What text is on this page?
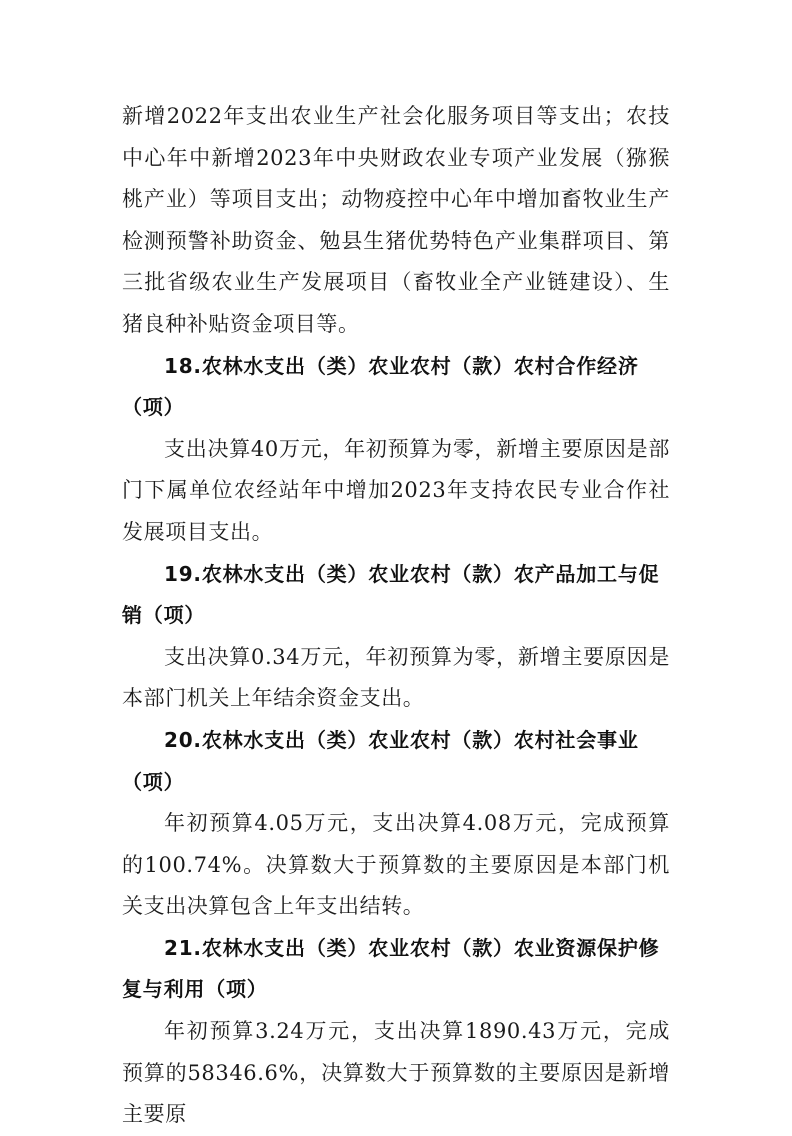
新增2022年支出农业生产社会化服务项目等支出；农技中心年中新增2023年中央财政农业专项产业发展（猕猴桃产业）等项目支出；动物疫控中心年中增加畜牧业生产检测预警补助资金、勉县生猪优势特色产业集群项目、第三批省级农业生产发展项目（畜牧业全产业链建设）、生猪良种补贴资金项目等。

18.农林水支出（类）农业农村（款）农村合作经济（项）

支出决算40万元，年初预算为零，新增主要原因是部门下属单位农经站年中增加2023年支持农民专业合作社发展项目支出。

19.农林水支出（类）农业农村（款）农产品加工与促销（项）

支出决算0.34万元，年初预算为零，新增主要原因是本部门机关上年结余资金支出。

20.农林水支出（类）农业农村（款）农村社会事业（项）

年初预算4.05万元，支出决算4.08万元，完成预算的100.74%。决算数大于预算数的主要原因是本部门机关支出决算包含上年支出结转。

21.农林水支出（类）农业农村（款）农业资源保护修复与利用（项）

年初预算3.24万元，支出决算1890.43万元，完成预算的58346.6%，决算数大于预算数的主要原因是新增主要原
